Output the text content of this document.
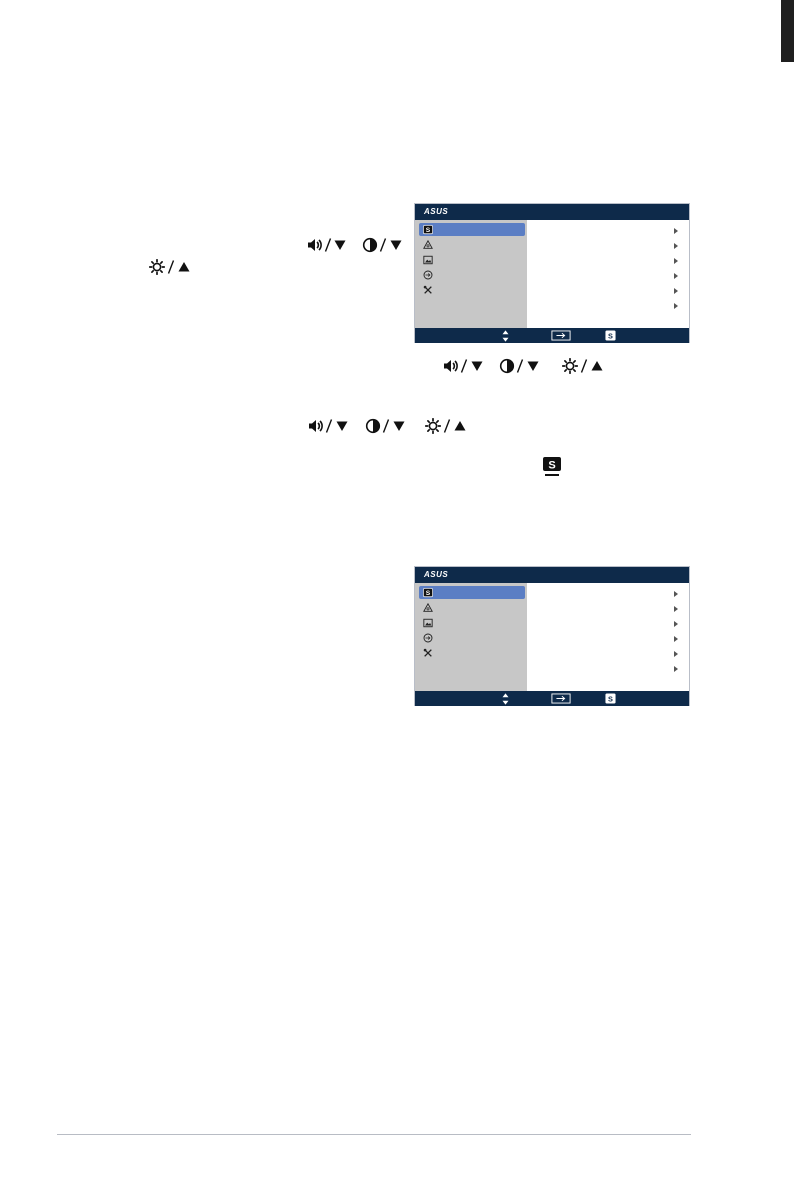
ASUS
S
ASUS
